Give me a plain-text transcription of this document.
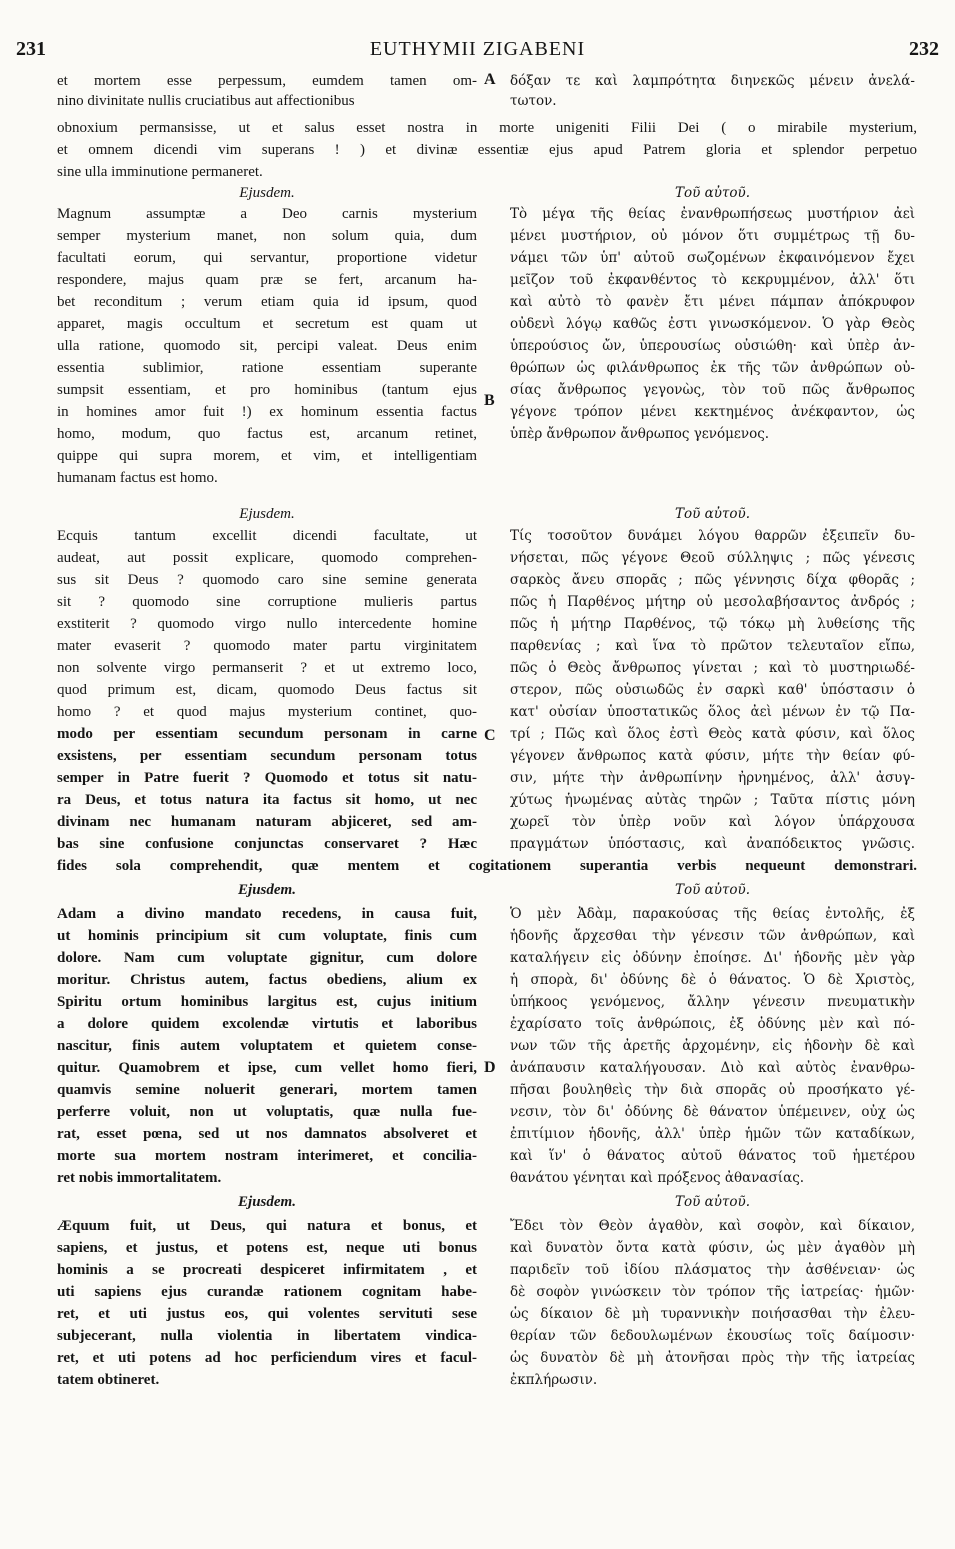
231	EUTHYMII ZIGABENI	232
et mortem esse perpessum, eumdem tamen om-
nino divinitate nullis cruciatibus aut affectionibus
A δόξαν τε καὶ λαμπρότητα διηνεκῶς μένειν ἀνελά-
τωτον.
obnoxium permansisse, ut et salus esset nostra in morte unigeniti Filii Dei ( o mirabile mysterium,
et omnem dicendi vim superans ! ) et divinæ essentiæ ejus apud Patrem gloria et splendor perpetuo
sine ulla imminutione permaneret.
Ejusdem.	Τοῦ αὐτοῦ.
Magnum assumptæ a Deo carnis mysterium
semper mysterium manet, non solum quia, dum
facultati eorum, qui servantur, proportione videtur
respondere, majus quam præ se fert, arcanum ha-
bet reconditum ; verum etiam quia id ipsum, quod
apparet, magis occultum et secretum est quam ut
ulla ratione, quomodo sit, percipi valeat. Deus enim
essentia sublimior, ratione essentiam superante
sumpsit essentiam, et pro hominibus (tantum ejus
in homines amor fuit !) ex hominum essentia factus
homo, modum, quo factus est, arcanum retinet,
quippe qui supra morem, et vim, et intelligentiam
humanam factus est homo.
B
Τὸ μέγα τῆς θείας ἐνανθρωπήσεως μυστήριον ἀεὶ
μένει μυστήριον, οὐ μόνον ὅτι συμμέτρως τῇ δυ-
νάμει τῶν ὑπ' αὐτοῦ σωζομένων ἐκφαινόμενον ἔχει
μεῖζον τοῦ ἐκφανθέντος τὸ κεκρυμμένον, ἀλλ' ὅτι
καὶ αὐτὸ τὸ φανὲν ἔτι μένει πάμπαν ἀπόκρυφον
οὐδενὶ λόγῳ καθῶς ἐστι γινωσκόμενον. Ὁ γὰρ Θεὸς
ὑπερούσιος ὤν, ὑπερουσίως οὐσιώθη· καὶ ὑπὲρ ἀν-
θρώπων ὡς φιλάνθρωπος ἐκ τῆς τῶν ἀνθρώπων οὐ-
σίας ἄνθρωπος γεγονὼς, τὸν τοῦ πῶς ἄνθρωπος
γέγονε τρόπον μένει κεκτημένος ἀνέκφαντον, ὡς
ὑπὲρ ἄνθρωπον ἄνθρωπος γενόμενος.
Ejusdem.	Τοῦ αὐτοῦ.
Ecquis tantum excellit dicendi facultate, ut
audeat, aut possit explicare, quomodo comprehen-
sus sit Deus ? quomodo caro sine semine generata
sit ? quomodo sine corruptione mulieris partus
exstiterit ? quomodo virgo nullo intercedente homine
mater evaserit ? quomodo mater partu virginitatem
non solvente virgo permanserit ? et ut extremo loco,
quod primum est, dicam, quomodo Deus factus sit
homo ? et quod majus mysterium continet, quo-
modo per essentiam secundum personam in carne
exsistens, per essentiam secundum personam totus
semper in Patre fuerit ? Quomodo et totus sit natu-
ra Deus, et totus natura ita factus sit homo, ut nec
divinam nec humanam naturam abjiceret, sed am-
bas sine confusione conjunctas conservaret ? Hæc
C
Τίς τοσοῦτον δυνάμει λόγου θαρρῶν ἐξειπεῖν δυ-
νήσεται, πῶς γέγονε Θεοῦ σύλληψις ; πῶς γένεσις
σαρκὸς ἄνευ σπορᾶς ; πῶς γέννησις δίχα φθορᾶς ;
πῶς ἡ Παρθένος μήτηρ οὐ μεσολαβήσαντος ἀνδρός ;
πῶς ἡ μήτηρ Παρθένος, τῷ τόκῳ μὴ λυθείσης τῆς
παρθενίας ; καὶ ἵνα τὸ πρῶτον τελευταῖον εἴπω,
πῶς ὁ Θεὸς ἄνθρωπος γίνεται ; καὶ τὸ μυστηριωδέ-
στερον, πῶς οὐσιωδῶς ἐν σαρκὶ καθ' ὑπόστασιν ὁ
κατ' οὐσίαν ὑποστατικῶς ὅλος ἀεὶ μένων ἐν τῷ Πα-
τρί ; Πῶς καὶ ὅλος ἐστὶ Θεὸς κατὰ φύσιν, καὶ ὅλος
γέγονεν ἄνθρωπος κατὰ φύσιν, μήτε τὴν θείαν φύ-
σιν, μήτε τὴν ἀνθρωπίνην ἠρνημένος, ἀλλ' ἀσυγ-
χύτως ἡνωμένας αὐτὰς τηρῶν ; Ταῦτα πίστις μόνη
χωρεῖ τὸν ὑπὲρ νοῦν καὶ λόγον ὑπάρχουσα
πραγμάτων ὑπόστασις, καὶ ἀναπόδεικτος γνῶσις.
fides sola comprehendit, quæ mentem et cogitationem superantia verbis nequeunt demonstrari.
Ejusdem.	Τοῦ αὐτοῦ.
Adam a divino mandato recedens, in causa fuit,
ut hominis principium sit cum voluptate, finis cum
dolore. Nam cum voluptate gignitur, cum dolore
moritur. Christus autem, factus obediens, alium ex
Spiritu ortum hominibus largitus est, cujus initium
a dolore quidem excolendæ virtutis et laboribus
nascitur, finis autem voluptatem et quietem conse-
quitur. Quamobrem et ipse, cum vellet homo fieri,
quamvis semine noluerit generari, mortem tamen
perferre voluit, non ut voluptatis, quæ nulla fue-
rat, esset pœna, sed ut nos damnatos absolveret et
morte sua mortem nostram interimeret, et concilia-
ret nobis immortalitatem.
D
Ὁ μὲν Ἀδὰμ, παρακούσας τῆς θείας ἐντολῆς, ἐξ
ἡδονῆς ἄρχεσθαι τὴν γένεσιν τῶν ἀνθρώπων, καὶ
καταλήγειν εἰς ὀδύνην ἐποίησε. Δι' ἡδονῆς μὲν γὰρ
ἡ σπορὰ, δι' ὀδύνης δὲ ὁ θάνατος. Ὁ δὲ Χριστὸς,
ὑπήκοος γενόμενος, ἄλλην γένεσιν πνευματικὴν
ἐχαρίσατο τοῖς ἀνθρώποις, ἐξ ὀδύνης μὲν καὶ πό-
νων τῶν τῆς ἀρετῆς ἀρχομένην, εἰς ἡδονὴν δὲ καὶ
ἀνάπαυσιν καταλήγουσαν. Διὸ καὶ αὐτὸς ἐνανθρω-
πῆσαι βουληθεὶς τὴν διὰ σπορᾶς οὐ προσήκατο γέ-
νεσιν, τὸν δι' ὀδύνης δὲ θάνατον ὑπέμεινεν, οὐχ ὡς
ἐπιτίμιον ἡδονῆς, ἀλλ' ὑπὲρ ἡμῶν τῶν καταδίκων,
καὶ ἵν' ὁ θάνατος αὐτοῦ θάνατος τοῦ ἡμετέρου
θανάτου γένηται καὶ πρόξενος ἀθανασίας.
Ejusdem.	Τοῦ αὐτοῦ.
Æquum fuit, ut Deus, qui natura et bonus, et
sapiens, et justus, et potens est, neque uti bonus
hominis a se procreati despiceret infirmitatem , et
uti sapiens ejus curandæ rationem cognitam habe-
ret, et uti justus eos, qui volentes servituti sese
subjecerant, nulla violentia in libertatem vindica-
ret, et uti potens ad hoc perficiendum vires et facul-
tatem obtineret.
Ἔδει τὸν Θεὸν ἀγαθὸν, καὶ σοφὸν, καὶ δίκαιον,
καὶ δυνατὸν ὄντα κατὰ φύσιν, ὡς μὲν ἀγαθὸν μὴ
παριδεῖν τοῦ ἰδίου πλάσματος τὴν ἀσθένειαν· ὡς
δὲ σοφὸν γινώσκειν τὸν τρόπον τῆς ἰατρείας· ἡμῶν·
ὡς δίκαιον δὲ μὴ τυραννικὴν ποιήσασθαι τὴν ἐλευ-
θερίαν τῶν δεδουλωμένων ἑκουσίως τοῖς δαίμοσιν·
ὡς δυνατὸν δὲ μὴ ἀτονῆσαι πρὸς τὴν τῆς ἰατρείας
ἐκπλήρωσιν.
